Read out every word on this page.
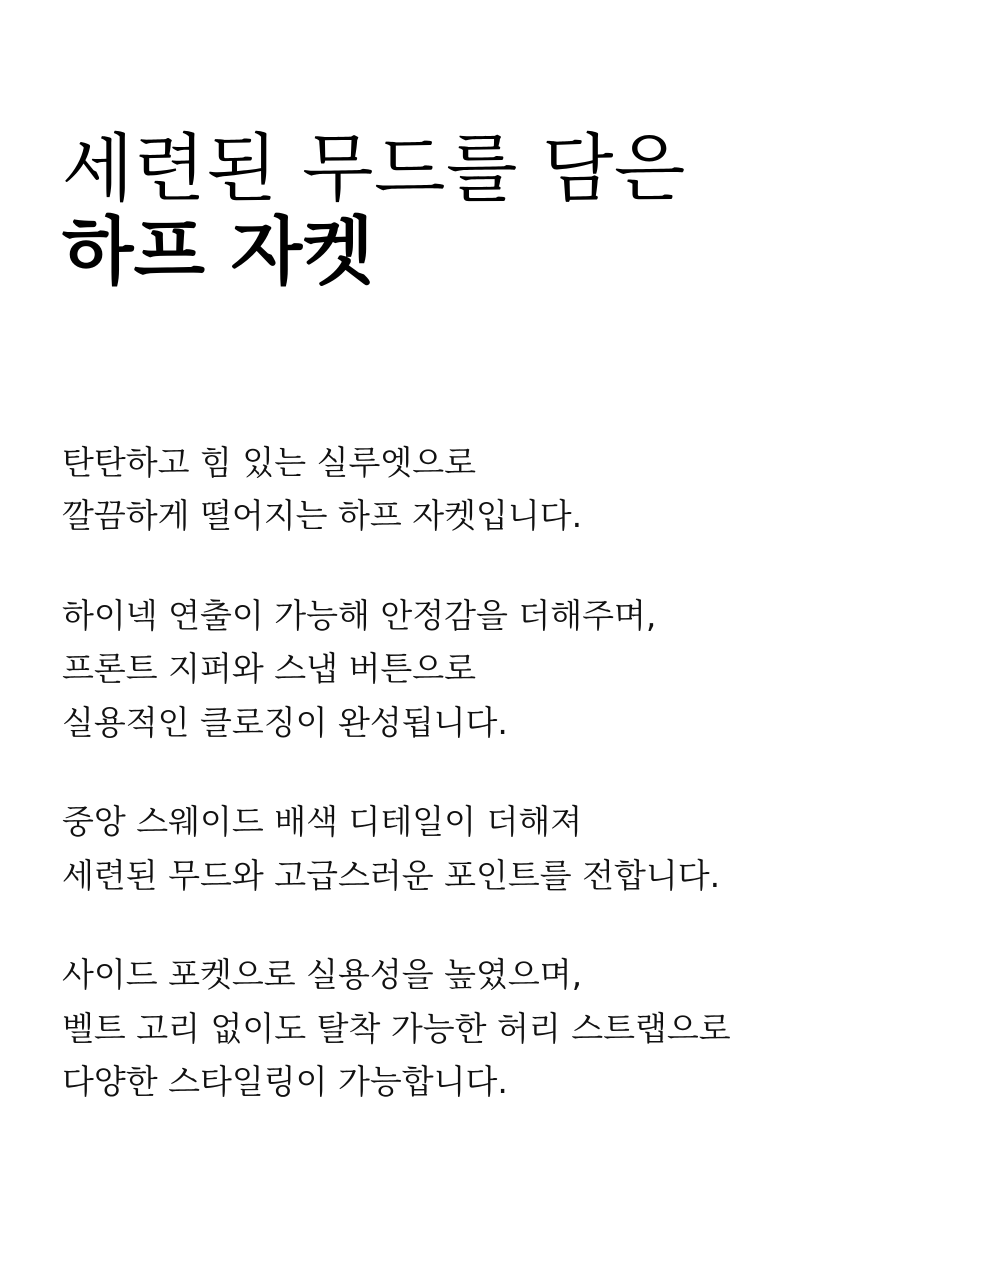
세련된 무드를 담은
하프 자켓
탄탄하고 힘 있는 실루엣으로
깔끔하게 떨어지는 하프 자켓입니다.
하이넥 연출이 가능해 안정감을 더해주며,
프론트 지퍼와 스냅 버튼으로
실용적인 클로징이 완성됩니다.
중앙 스웨이드 배색 디테일이 더해져
세련된 무드와 고급스러운 포인트를 전합니다.
사이드 포켓으로 실용성을 높였으며,
벨트 고리 없이도 탈착 가능한 허리 스트랩으로
다양한 스타일링이 가능합니다.
